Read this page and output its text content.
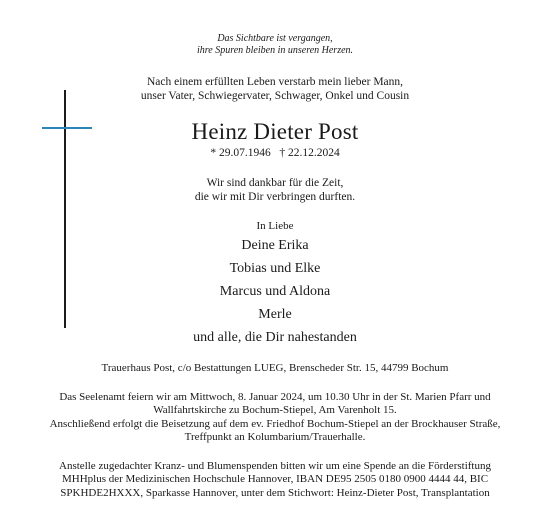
Das Sichtbare ist vergangen,
ihre Spuren bleiben in unseren Herzen.
Nach einem erfüllten Leben verstarb mein lieber Mann,
unser Vater, Schwiegervater, Schwager, Onkel und Cousin
Heinz Dieter Post
* 29.07.1946   † 22.12.2024
Wir sind dankbar für die Zeit,
die wir mit Dir verbringen durften.
In Liebe
Deine Erika
Tobias und Elke
Marcus und Aldona
Merle
und alle, die Dir nahestanden
Trauerhaus Post, c/o Bestattungen LUEG, Brenscheder Str. 15, 44799 Bochum
Das Seelenamt feiern wir am Mittwoch, 8. Januar 2024, um 10.30 Uhr in der St. Marien Pfarr und
Wallfahrtskirche zu Bochum-Stiepel, Am Varenholt 15.
Anschließend erfolgt die Beisetzung auf dem ev. Friedhof Bochum-Stiepel an der Brockhauser Straße,
Treffpunkt an Kolumbarium/Trauerhalle.
Anstelle zugedachter Kranz- und Blumenspenden bitten wir um eine Spende an die Förderstiftung
MHHplus der Medizinischen Hochschule Hannover, IBAN DE95 2505 0180 0900 4444 44, BIC
SPKHDE2HXXX, Sparkasse Hannover, unter dem Stichwort: Heinz-Dieter Post, Transplantation
